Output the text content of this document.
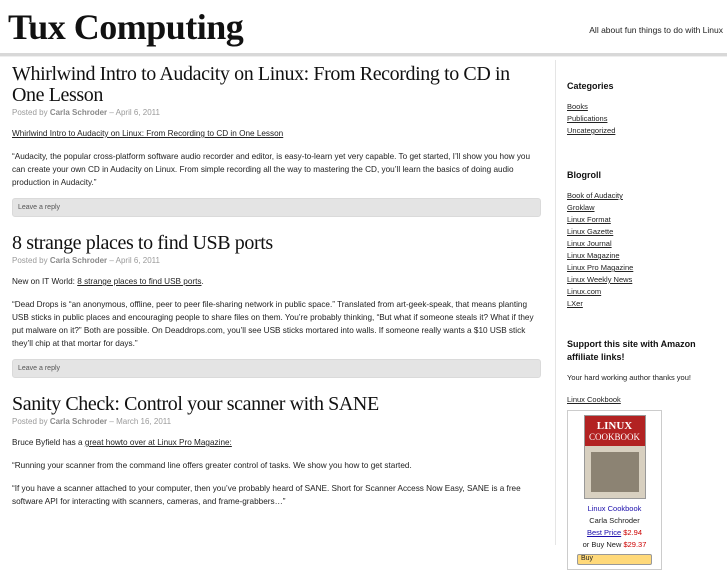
Tux Computing	All about fun things to do with Linux
Whirlwind Intro to Audacity on Linux: From Recording to CD in One Lesson
Posted by Carla Schroder – April 6, 2011

Whirlwind Intro to Audacity on Linux: From Recording to CD in One Lesson

“Audacity, the popular cross-platform software audio recorder and editor, is easy-to-learn yet very capable. To get started, I’ll show you how you can create your own CD in Audacity on Linux. From simple recording all the way to mastering the CD, you’ll learn the basics of doing audio production in Audacity.”

Leave a reply
8 strange places to find USB ports
Posted by Carla Schroder – April 6, 2011

New on IT World: 8 strange places to find USB ports.

“Dead Drops is “an anonymous, offline, peer to peer file-sharing network in public space.” Translated from art-geek-speak, that means planting USB sticks in public places and encouraging people to share files on them. You’re probably thinking, “But what if someone steals it? What if they put malware on it?” Both are possible. On Deaddrops.com, you’ll see USB sticks mortared into walls. If someone really wants a $10 USB stick they’ll chip at that mortar for days.”

Leave a reply
Sanity Check: Control your scanner with SANE
Posted by Carla Schroder – March 16, 2011

Bruce Byfield has a great howto over at Linux Pro Magazine:

“Running your scanner from the command line offers greater control of tasks. We show you how to get started.

“If you have a scanner attached to your computer, then you’ve probably heard of SANE. Short for Scanner Access Now Easy, SANE is a free software API for interacting with scanners, cameras, and frame-grabbers…”

Categories
Books
Publications
Uncategorized
Blogroll
Book of Audacity
Groklaw
Linux Format
Linux Gazette
Linux Journal
Linux Magazine
Linux Pro Magazine
Linux Weekly News
Linux.com
LXer
Support this site with Amazon affiliate links!

Your hard working author thanks you!

Linux Cookbook

LINUX
COOKBOOK
Linux Cookbook
Carla Schroder
Best Price $2.94
or Buy New $29.37
Buy
